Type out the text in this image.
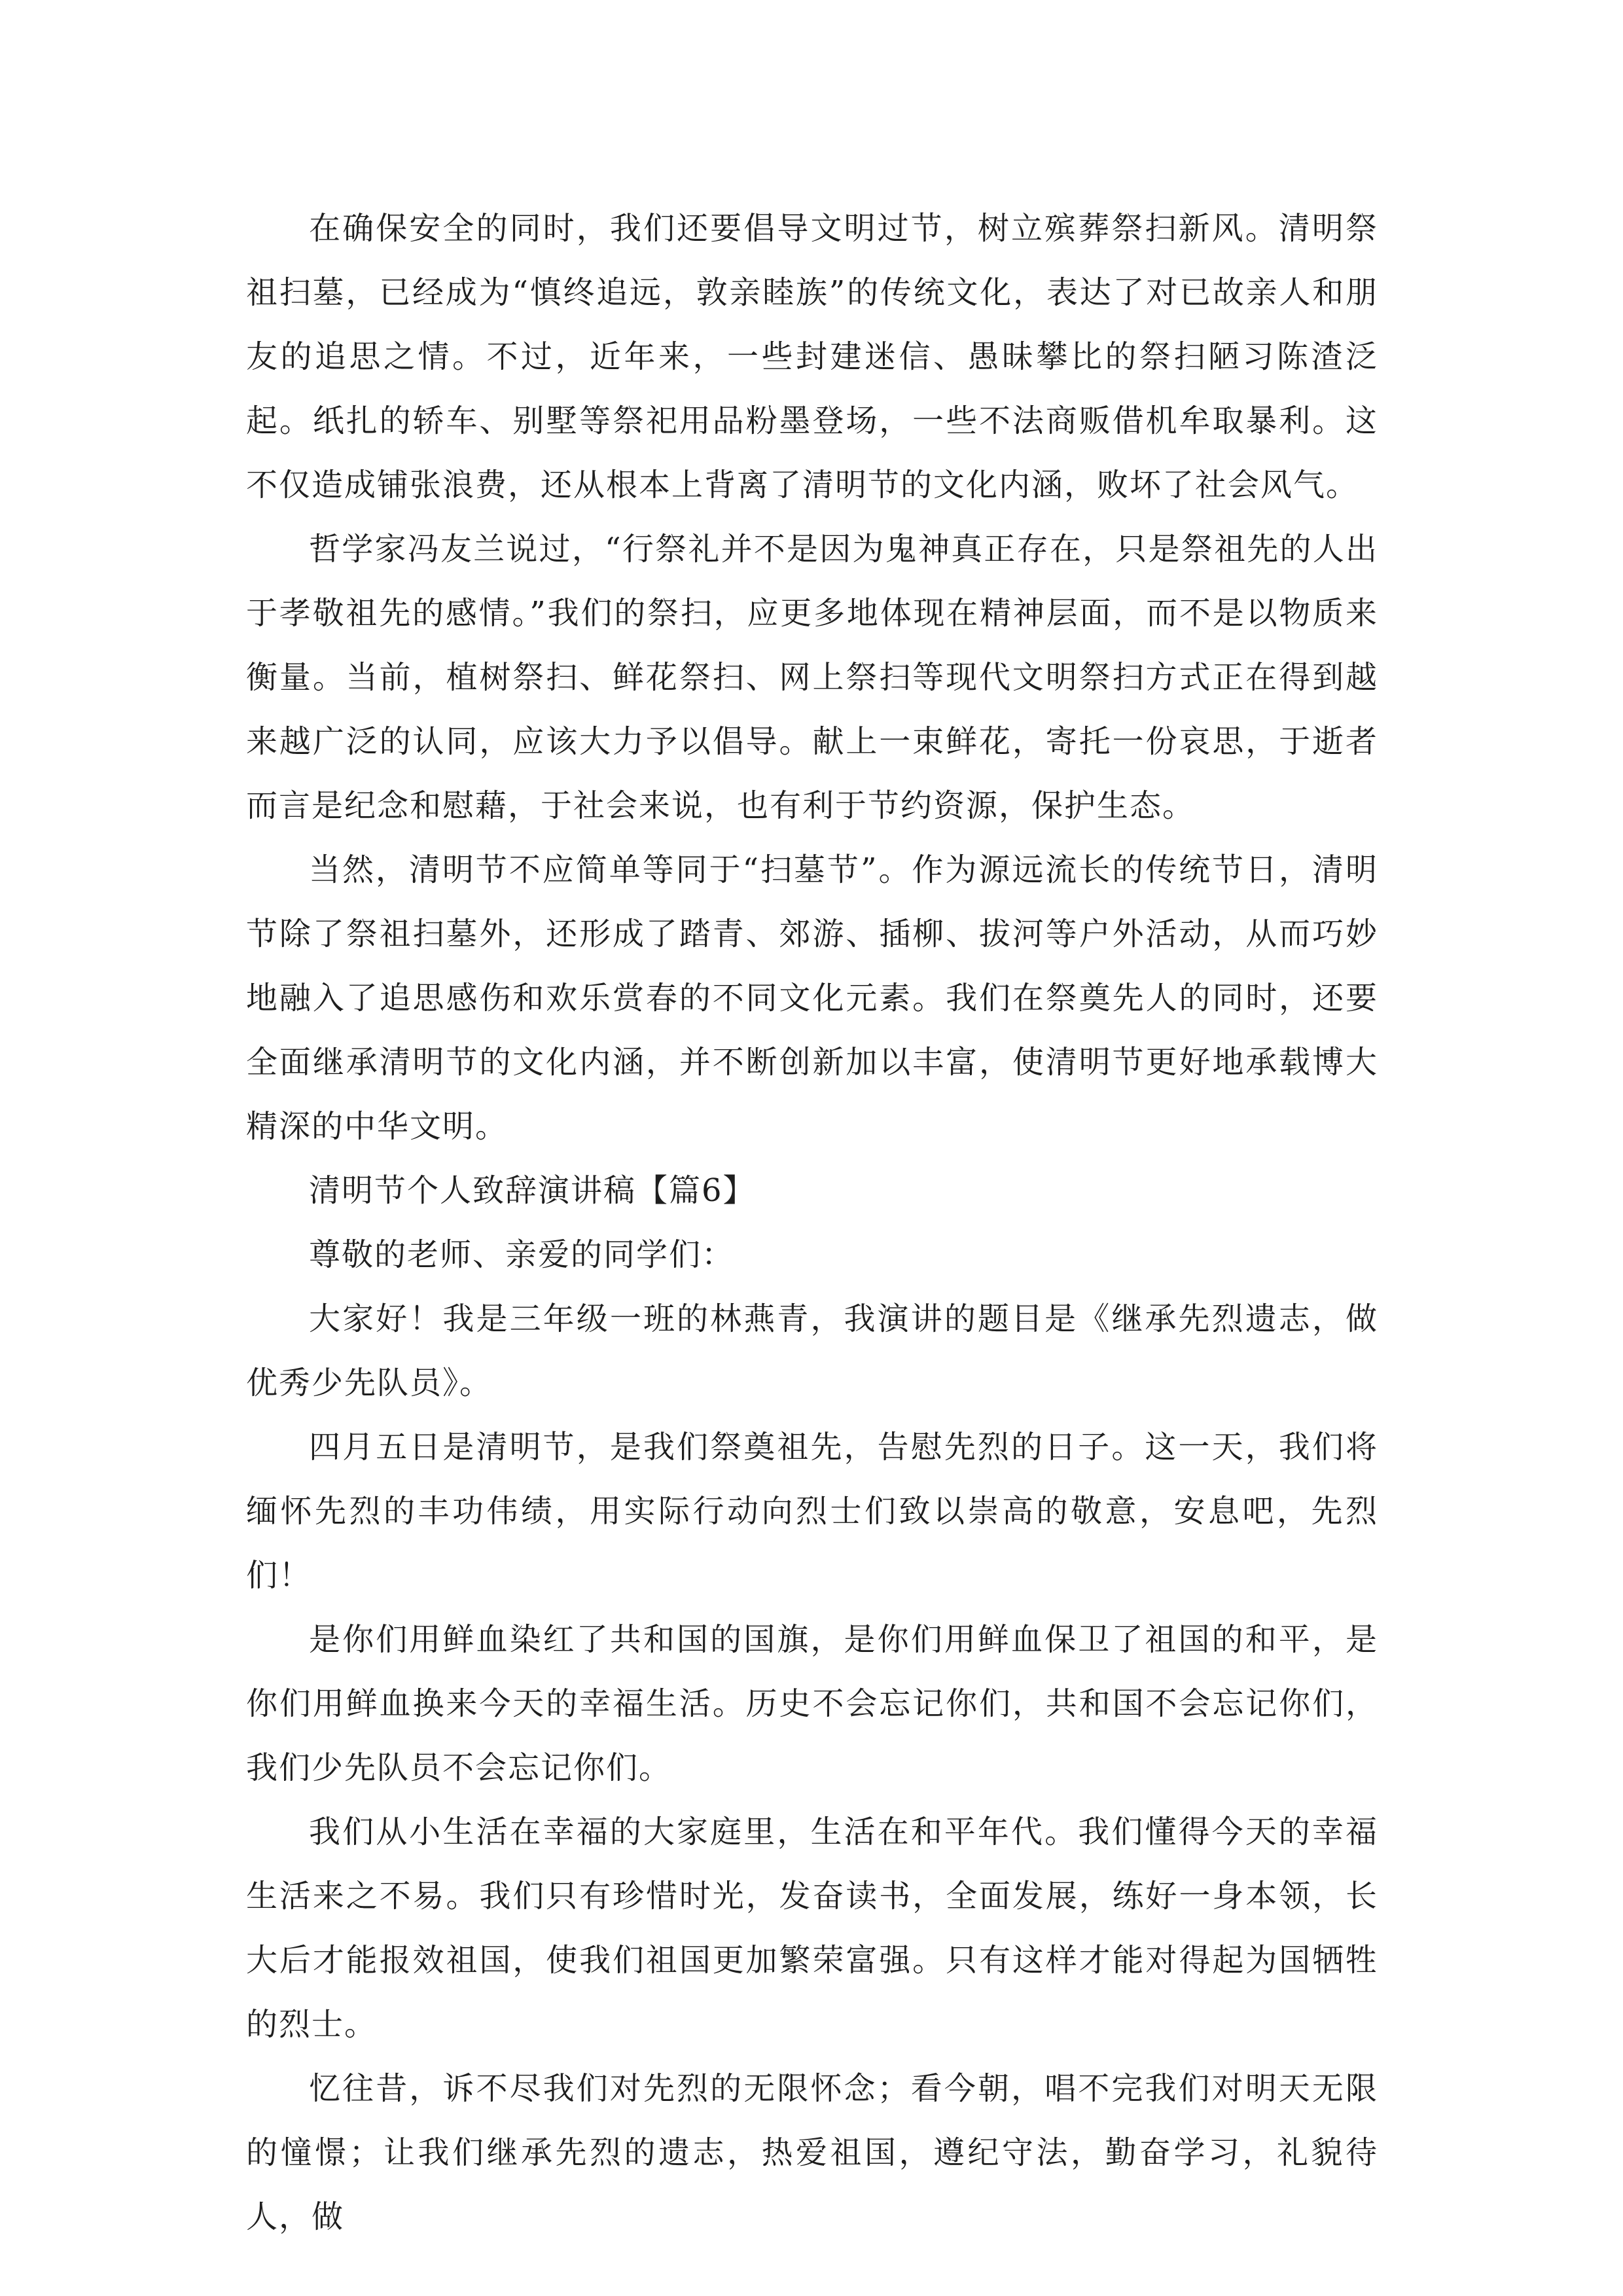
在确保安全的同时，我们还要倡导文明过节，树立殡葬祭扫新风。清明祭祖扫墓，已经成为“慎终追远，敦亲睦族”的传统文化，表达了对已故亲人和朋友的追思之情。不过，近年来，一些封建迷信、愚昧攀比的祭扫陋习陈渣泛起。纸扎的轿车、别墅等祭祀用品粉墨登场，一些不法商贩借机牟取暴利。这不仅造成铺张浪费，还从根本上背离了清明节的文化内涵，败坏了社会风气。

哲学家冯友兰说过，“行祭礼并不是因为鬼神真正存在，只是祭祖先的人出于孝敬祖先的感情。”我们的祭扫，应更多地体现在精神层面，而不是以物质来衡量。当前，植树祭扫、鲜花祭扫、网上祭扫等现代文明祭扫方式正在得到越来越广泛的认同，应该大力予以倡导。献上一束鲜花，寄托一份哀思，于逝者而言是纪念和慰藉，于社会来说，也有利于节约资源，保护生态。

当然，清明节不应简单等同于“扫墓节”。作为源远流长的传统节日，清明节除了祭祖扫墓外，还形成了踏青、郊游、插柳、拔河等户外活动，从而巧妙地融入了追思感伤和欢乐赏春的不同文化元素。我们在祭奠先人的同时，还要全面继承清明节的文化内涵，并不断创新加以丰富，使清明节更好地承载博大精深的中华文明。

清明节个人致辞演讲稿【篇6】

尊敬的老师、亲爱的同学们：

大家好！我是三年级一班的林燕青，我演讲的题目是《继承先烈遗志，做优秀少先队员》。

四月五日是清明节，是我们祭奠祖先，告慰先烈的日子。这一天，我们将缅怀先烈的丰功伟绩，用实际行动向烈士们致以崇高的敬意，安息吧，先烈们！

是你们用鲜血染红了共和国的国旗，是你们用鲜血保卫了祖国的和平，是你们用鲜血换来今天的幸福生活。历史不会忘记你们，共和国不会忘记你们，我们少先队员不会忘记你们。

我们从小生活在幸福的大家庭里，生活在和平年代。我们懂得今天的幸福生活来之不易。我们只有珍惜时光，发奋读书，全面发展，练好一身本领，长大后才能报效祖国，使我们祖国更加繁荣富强。只有这样才能对得起为国牺牲的烈士。

忆往昔，诉不尽我们对先烈的无限怀念；看今朝，唱不完我们对明天无限的憧憬；让我们继承先烈的遗志，热爱祖国，遵纪守法，勤奋学习，礼貌待人，做
